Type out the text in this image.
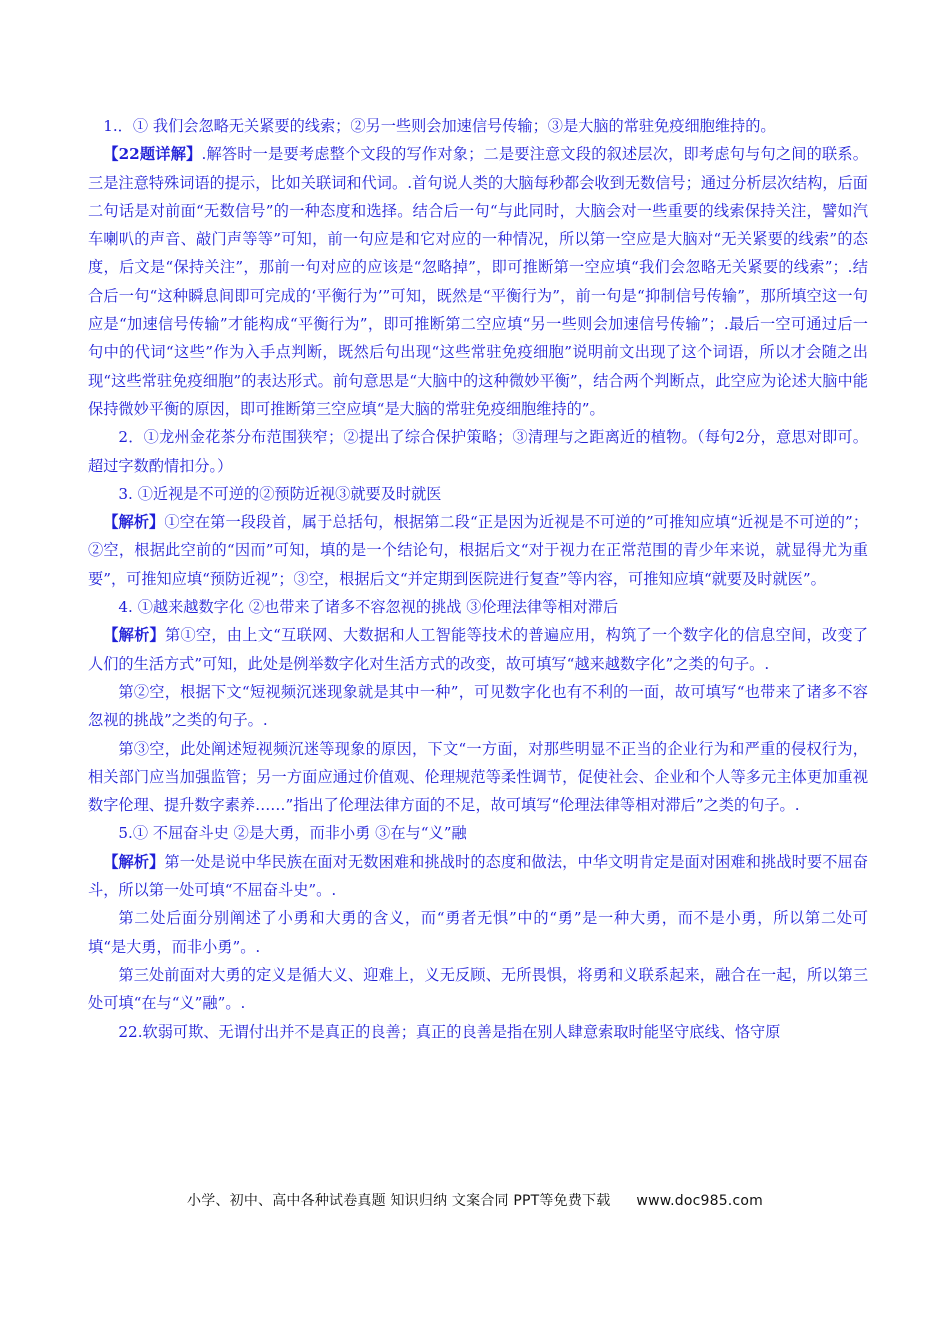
1.．① 我们会忽略无关紧要的线索；②另一些则会加速信号传输；③是大脑的常驻免疫细胞维持的。

【22题详解】.解答时一是要考虑整个文段的写作对象；二是要注意文段的叙述层次，即考虑句与句之间的联系。三是注意特殊词语的提示，比如关联词和代词。.首句说人类的大脑每秒都会收到无数信号；通过分析层次结构，后面二句话是对前面“无数信号”的一种态度和选择。结合后一句“与此同时，大脑会对一些重要的线索保持关注，譬如汽车喇叭的声音、敲门声等等”可知，前一句应是和它对应的一种情况，所以第一空应是大脑对“无关紧要的线索”的态度，后文是“保持关注”，那前一句对应的应该是“忽略掉”，即可推断第一空应填“我们会忽略无关紧要的线索”；.结合后一句“这种瞬息间即可完成的‘平衡行为’”可知，既然是“平衡行为”，前一句是“抑制信号传输”，那所填空这一句应是“加速信号传输”才能构成“平衡行为”，即可推断第二空应填“另一些则会加速信号传输”；.最后一空可通过后一句中的代词“这些”作为入手点判断，既然后句出现“这些常驻免疫细胞”说明前文出现了这个词语，所以才会随之出现“这些常驻免疫细胞”的表达形式。前句意思是“大脑中的这种微妙平衡”，结合两个判断点，此空应为论述大脑中能保持微妙平衡的原因，即可推断第三空应填“是大脑的常驻免疫细胞维持的”。

2．①龙州金花茶分布范围狭窄；②提出了综合保护策略；③清理与之距离近的植物。（每句2分，意思对即可。超过字数酌情扣分。）

3. ①近视是不可逆的②预防近视③就要及时就医

【解析】①空在第一段段首，属于总括句，根据第二段“正是因为近视是不可逆的”可推知应填“近视是不可逆的”；②空，根据此空前的“因而”可知，填的是一个结论句，根据后文“对于视力在正常范围的青少年来说，就显得尤为重要”，可推知应填“预防近视”；③空，根据后文“并定期到医院进行复查”等内容，可推知应填“就要及时就医”。

4. ①越来越数字化 ②也带来了诸多不容忽视的挑战 ③伦理法律等相对滞后

【解析】第①空，由上文“互联网、大数据和人工智能等技术的普遍应用，构筑了一个数字化的信息空间，改变了人们的生活方式”可知，此处是例举数字化对生活方式的改变，故可填写“越来越数字化”之类的句子。.

第②空，根据下文“短视频沉迷现象就是其中一种”，可见数字化也有不利的一面，故可填写“也带来了诸多不容忽视的挑战”之类的句子。.

第③空，此处阐述短视频沉迷等现象的原因，下文“一方面，对那些明显不正当的企业行为和严重的侵权行为，相关部门应当加强监管；另一方面应通过价值观、伦理规范等柔性调节，促使社会、企业和个人等多元主体更加重视数字伦理、提升数字素养……”指出了伦理法律方面的不足，故可填写“伦理法律等相对滞后”之类的句子。.

5.① 不屈奋斗史 ②是大勇，而非小勇 ③在与“义”融

【解析】第一处是说中华民族在面对无数困难和挑战时的态度和做法，中华文明肯定是面对困难和挑战时要不屈奋斗，所以第一处可填“不屈奋斗史”。.

第二处后面分别阐述了小勇和大勇的含义，而“勇者无惧”中的“勇”是一种大勇，而不是小勇，所以第二处可填“是大勇，而非小勇”。.

第三处前面对大勇的定义是循大义、迎难上，义无反顾、无所畏惧，将勇和义联系起来，融合在一起，所以第三处可填“在与“义”融”。.

22.软弱可欺、无谓付出并不是真正的良善；真正的良善是指在别人肆意索取时能坚守底线、恪守原

小学、初中、高中各种试卷真题 知识归纳 文案合同 PPT等免费下载 www.doc985.com
